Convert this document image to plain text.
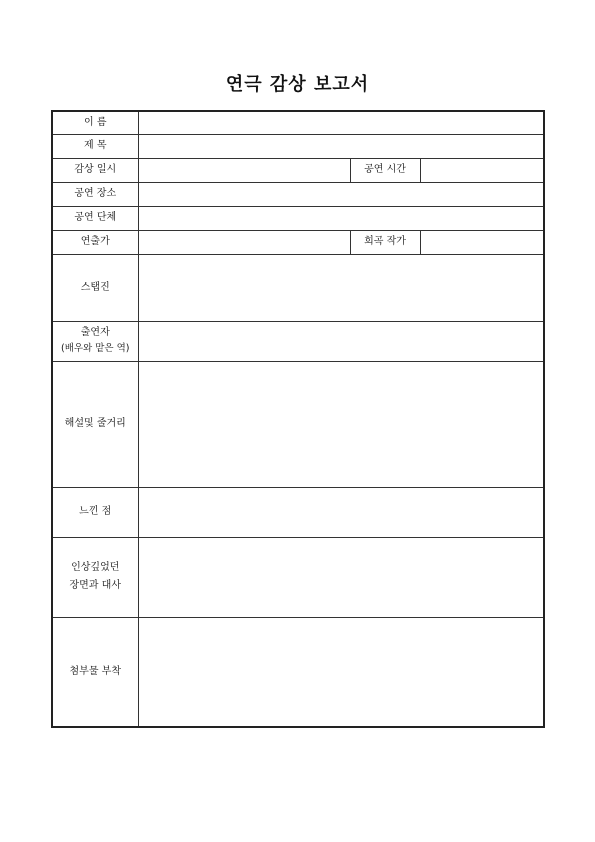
연극 감상 보고서
이 름			
제 목			
감상 일시		공연 시간	
공연 장소			
공연 단체			
연출가		희곡 작가	
스탭진			

출연자
(배우와 맡은 역)			

해설및 줄거리			
느낀 점			

인상깊었던
장면과 대사			

첨부물 부착			
